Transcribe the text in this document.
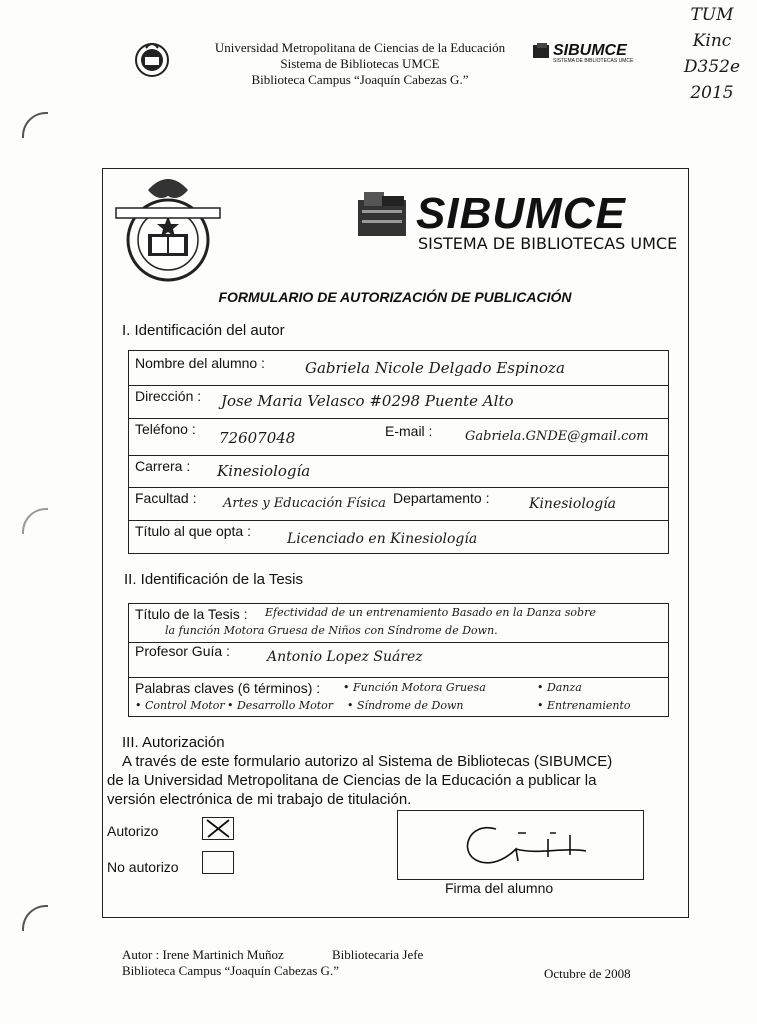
TUM
Kinc
D352e
2015
Universidad Metropolitana de Ciencias de la Educación
Sistema de Bibliotecas UMCE
Biblioteca Campus “Joaquín Cabezas G.”
SIBUMCE
SISTEMA DE BIBLIOTECAS UMCE
SIBUMCE
SISTEMA DE BIBLIOTECAS UMCE
FORMULARIO DE AUTORIZACIÓN DE PUBLICACIÓN
I. Identificación del autor
Nombre del alumno :	Gabriela Nicole Delgado Espinoza
Dirección : Jose Maria Velasco #0298 Puente Alto
Teléfono : 72607048	E-mail :	Gabriela.GNDE@gmail.com
Carrera : Kinesiología
Facultad : Artes y Educación Física Departamento :	Kinesiología
Título al que opta :	Licenciado en Kinesiología
II. Identificación de la Tesis
Título de la Tesis : Efectividad de un entrenamiento Basado en la Danza sobre
la función Motora Gruesa de Niños con Síndrome de Down.
Profesor Guía :	Antonio Lopez Suárez
Palabras claves (6 términos) : • Función Motora Gruesa	• Danza
• Control Motor • Desarrollo Motor • Síndrome de Down	• Entrenamiento
III. Autorización
A través de este formulario autorizo al Sistema de Bibliotecas (SIBUMCE)
de la Universidad Metropolitana de Ciencias de la Educación a publicar la
versión electrónica de mi trabajo de titulación.
Autorizo
No autorizo
Firma del alumno
Autor : Irene Martinich Muñoz	Bibliotecaria Jefe
Biblioteca Campus “Joaquín Cabezas G.”	Octubre de 2008
